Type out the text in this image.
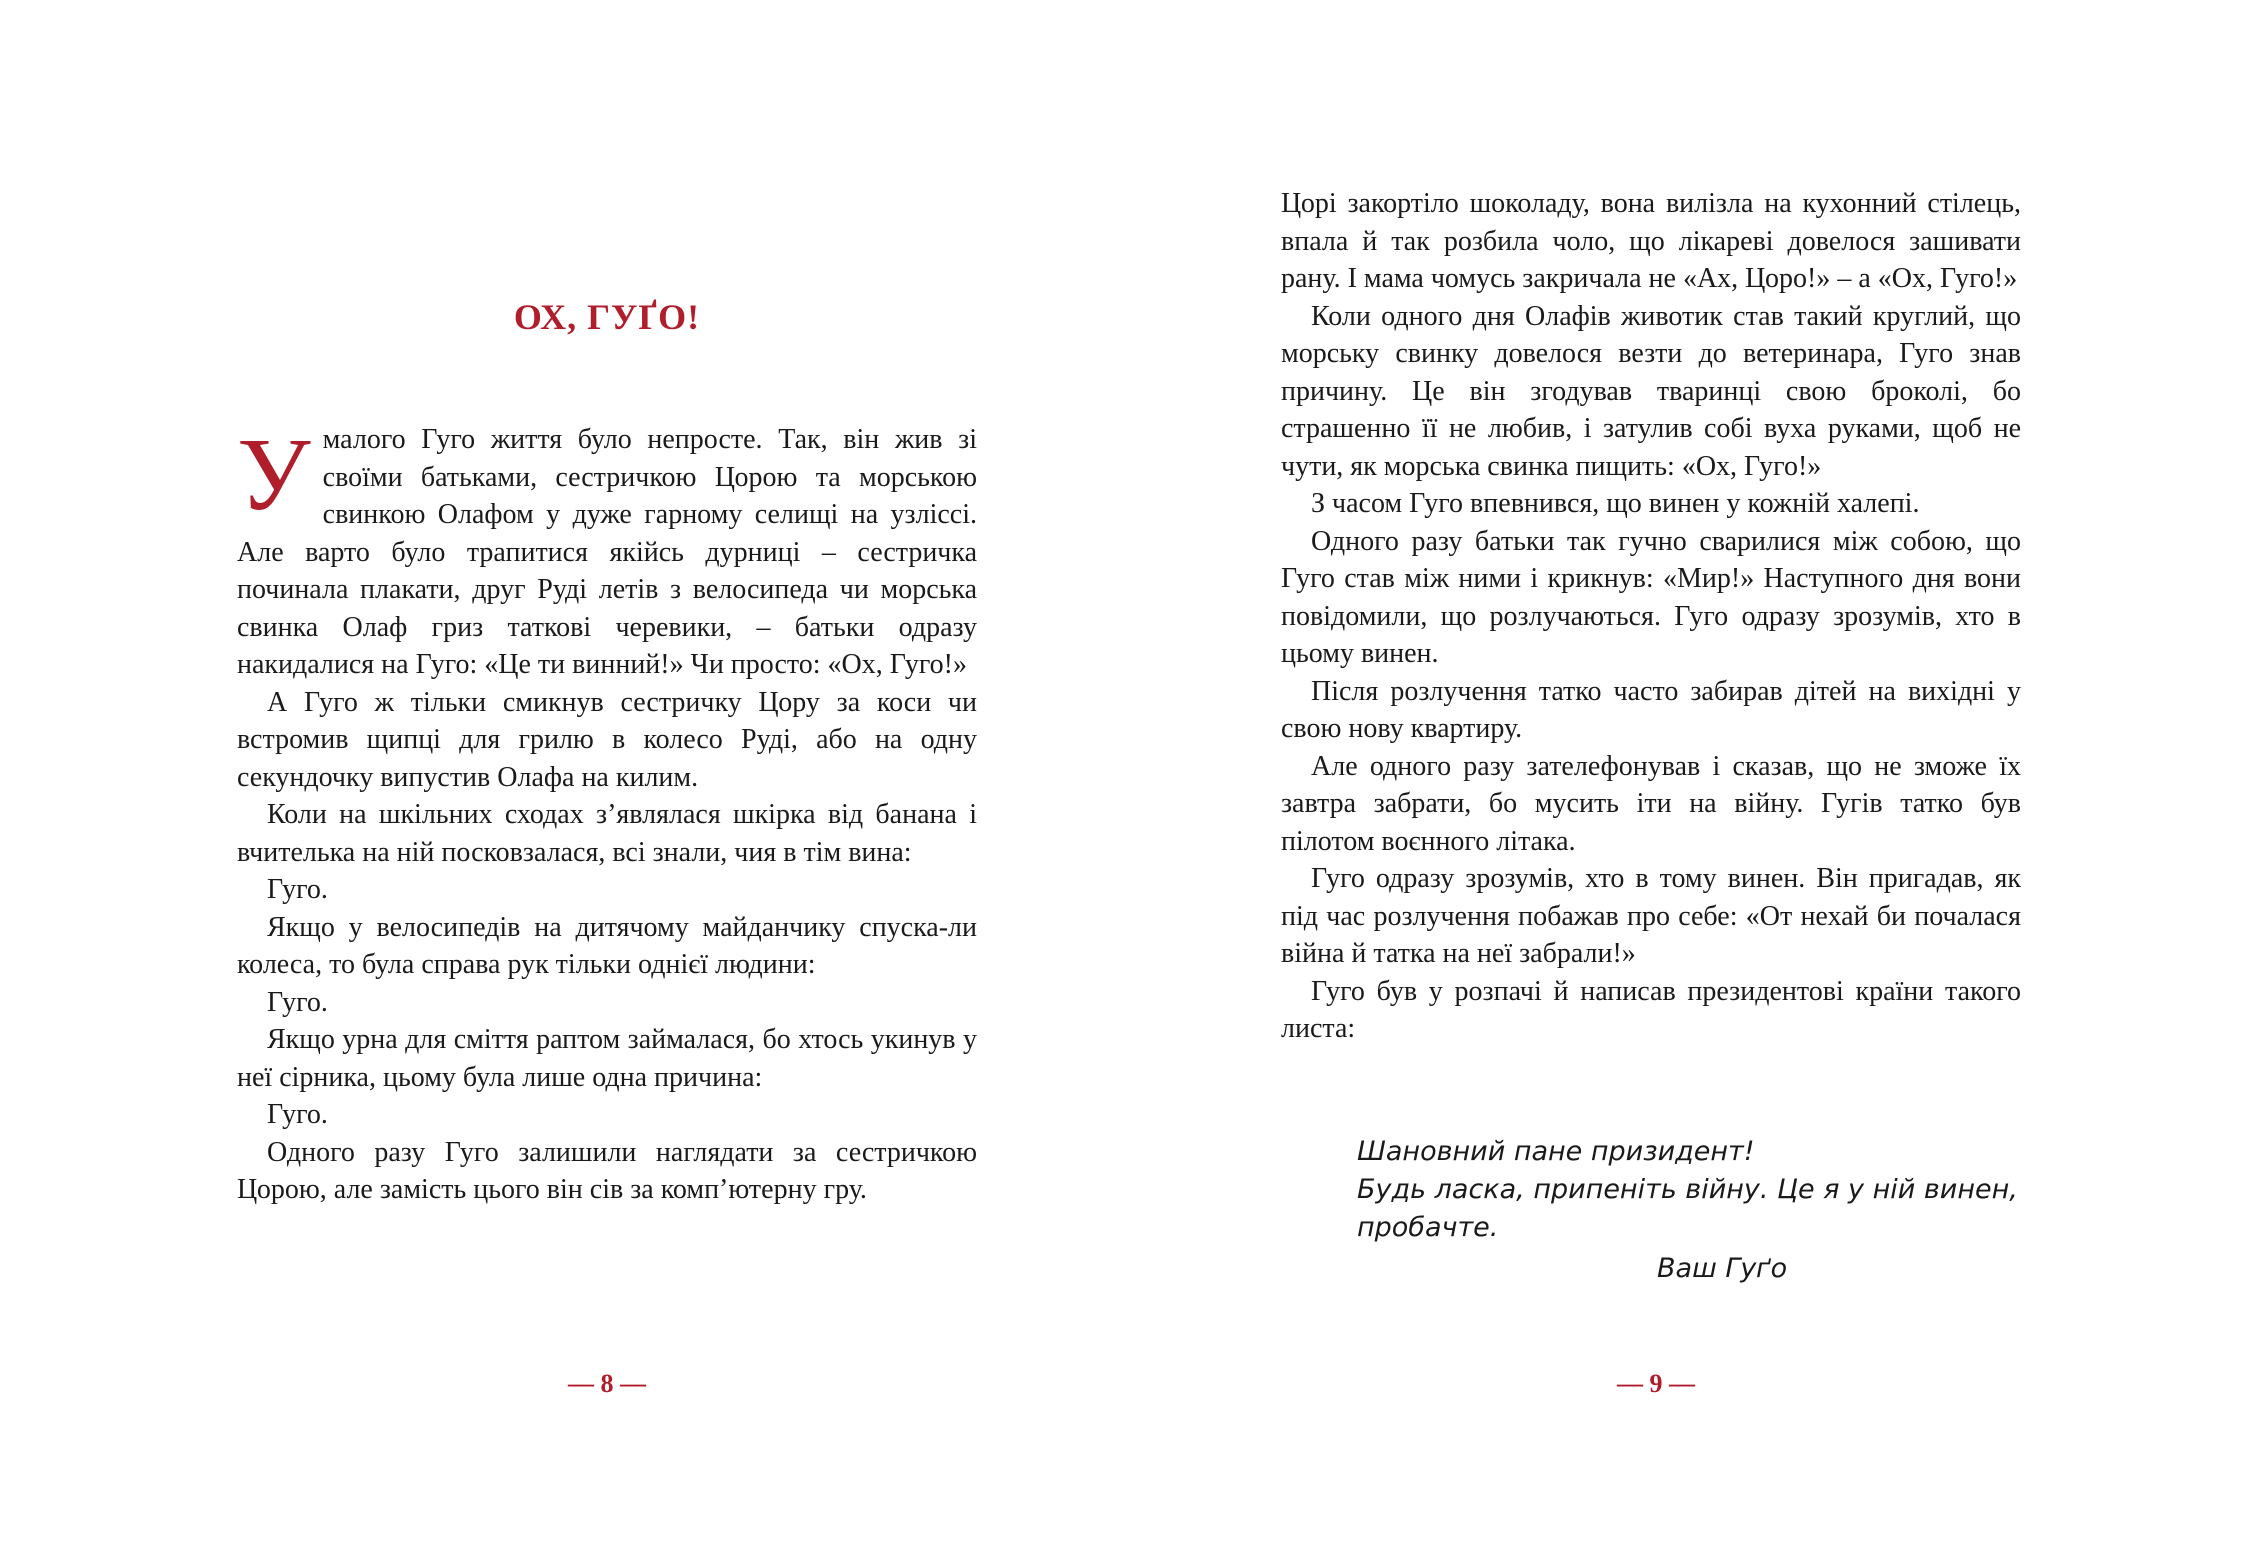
ОХ, ГУҐО!

Умалого Гуго життя було непросте. Так, він жив зі своїми батьками, сестричкою Цорою та морською свинкою Олафом у дуже гарному селищі на узліссі. Але варто було трапитися якійсь дурниці – сестричка починала плакати, друг Руді летів з велосипеда чи морська свинка Олаф гриз таткові черевики, – батьки одразу накидалися на Гуго: «Це ти винний!» Чи просто: «Ох, Гуго!»

А Гуго ж тільки смикнув сестричку Цору за коси чи встромив щипці для грилю в колесо Руді, або на одну секундочку випустив Олафа на килим.

Коли на шкільних сходах з’являлася шкірка від банана і вчителька на ній посковзалася, всі знали, чия в тім вина:

Гуго.

Якщо у велосипедів на дитячому майданчику спуска-ли колеса, то була справа рук тільки однієї людини:

Гуго.

Якщо урна для сміття раптом займалася, бо хтось укинув у неї сірника, цьому була лише одна причина:

Гуго.

Одного разу Гуго залишили наглядати за сестричкою Цорою, але замість цього він сів за комп’ютерну гру.

— 8 —

Цорі закортіло шоколаду, вона вилізла на кухонний стілець, впала й так розбила чоло, що лікареві довелося зашивати рану. І мама чомусь закричала не «Ах, Цоро!» – а «Ох, Гуго!»

Коли одного дня Олафів животик став такий круглий, що морську свинку довелося везти до ветеринара, Гуго знав причину. Це він згодував тваринці свою броколі, бо страшенно її не любив, і затулив собі вуха руками, щоб не чути, як морська свинка пищить: «Ох, Гуго!»

З часом Гуго впевнився, що винен у кожній халепі.

Одного разу батьки так гучно сварилися між собою, що Гуго став між ними і крикнув: «Мир!» Наступного дня вони повідомили, що розлучаються. Гуго одразу зрозумів, хто в цьому винен.

Після розлучення татко часто забирав дітей на вихідні у свою нову квартиру.

Але одного разу зателефонував і сказав, що не зможе їх завтра забрати, бо мусить іти на війну. Гугів татко був пілотом воєнного літака.

Гуго одразу зрозумів, хто в тому винен. Він пригадав, як під час розлучення побажав про себе: «От нехай би почалася війна й татка на неї забрали!»

Гуго був у розпачі й написав президентові країни такого листа:

Шановний пане призидент!

Будь ласка, припеніть війну. Це я у ній винен,

пробачте.

Ваш Гуґо

— 9 —
